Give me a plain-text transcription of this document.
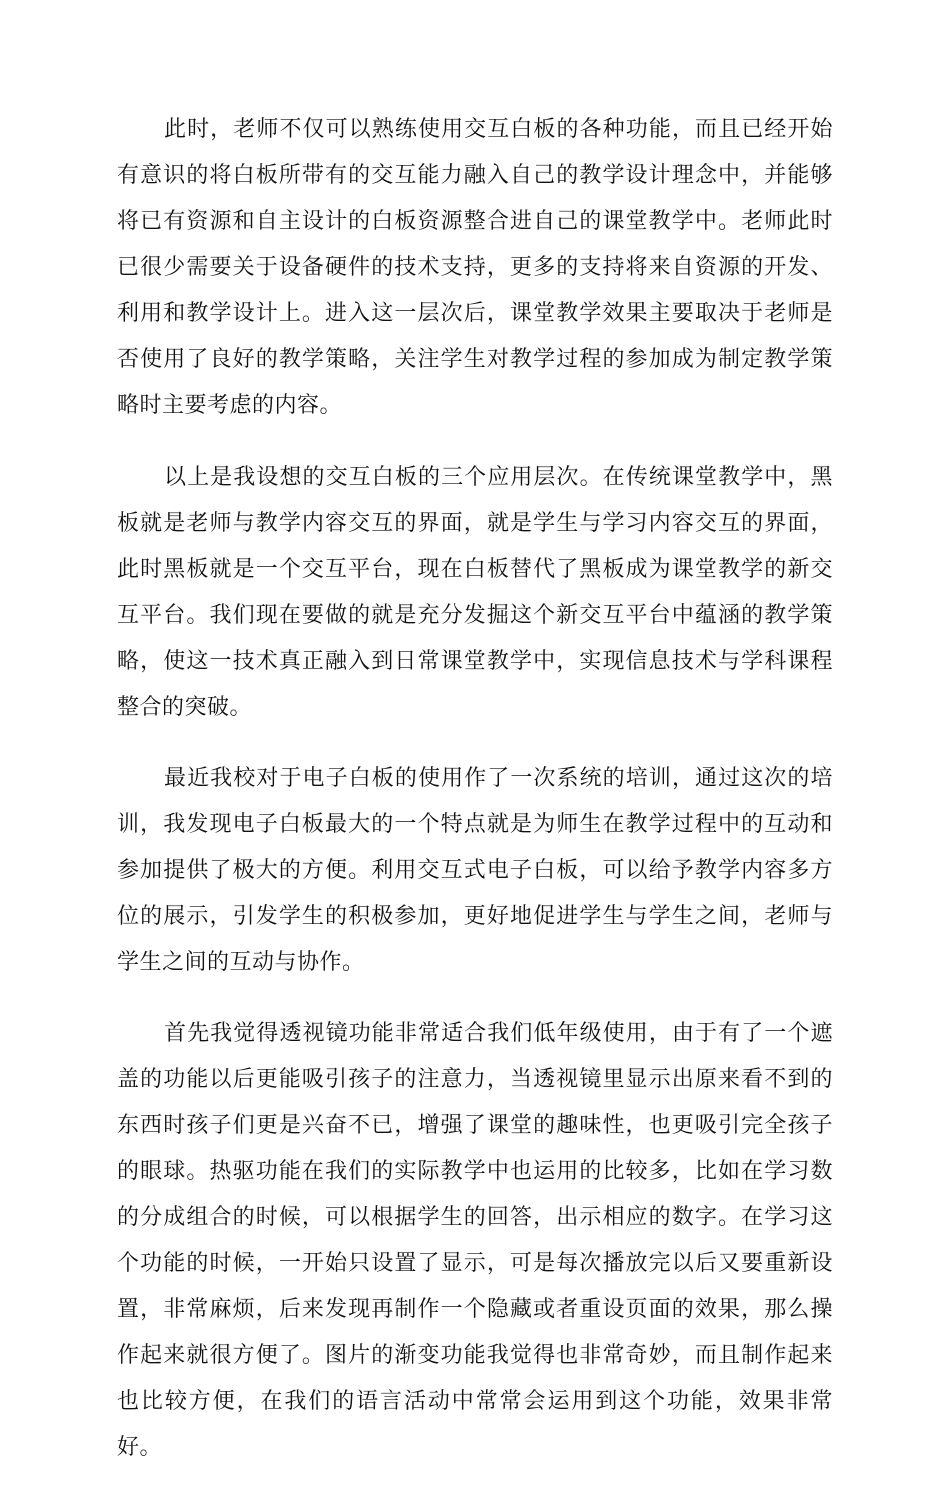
此时，老师不仅可以熟练使用交互白板的各种功能，而且已经开始有意识的将白板所带有的交互能力融入自己的教学设计理念中，并能够将已有资源和自主设计的白板资源整合进自己的课堂教学中。老师此时已很少需要关于设备硬件的技术支持，更多的支持将来自资源的开发、利用和教学设计上。进入这一层次后，课堂教学效果主要取决于老师是否使用了良好的教学策略，关注学生对教学过程的参加成为制定教学策略时主要考虑的内容。

以上是我设想的交互白板的三个应用层次。在传统课堂教学中，黑板就是老师与教学内容交互的界面，就是学生与学习内容交互的界面，此时黑板就是一个交互平台，现在白板替代了黑板成为课堂教学的新交互平台。我们现在要做的就是充分发掘这个新交互平台中蕴涵的教学策略，使这一技术真正融入到日常课堂教学中，实现信息技术与学科课程整合的突破。

最近我校对于电子白板的使用作了一次系统的培训，通过这次的培训，我发现电子白板最大的一个特点就是为师生在教学过程中的互动和参加提供了极大的方便。利用交互式电子白板，可以给予教学内容多方位的展示，引发学生的积极参加，更好地促进学生与学生之间，老师与学生之间的互动与协作。

首先我觉得透视镜功能非常适合我们低年级使用，由于有了一个遮盖的功能以后更能吸引孩子的注意力，当透视镜里显示出原来看不到的东西时孩子们更是兴奋不已，增强了课堂的趣味性，也更吸引完全孩子的眼球。热驱功能在我们的实际教学中也运用的比较多，比如在学习数的分成组合的时候，可以根据学生的回答，出示相应的数字。在学习这个功能的时候，一开始只设置了显示，可是每次播放完以后又要重新设置，非常麻烦，后来发现再制作一个隐藏或者重设页面的效果，那么操作起来就很方便了。图片的渐变功能我觉得也非常奇妙，而且制作起来也比较方便，在我们的语言活动中常常会运用到这个功能，效果非常好。
